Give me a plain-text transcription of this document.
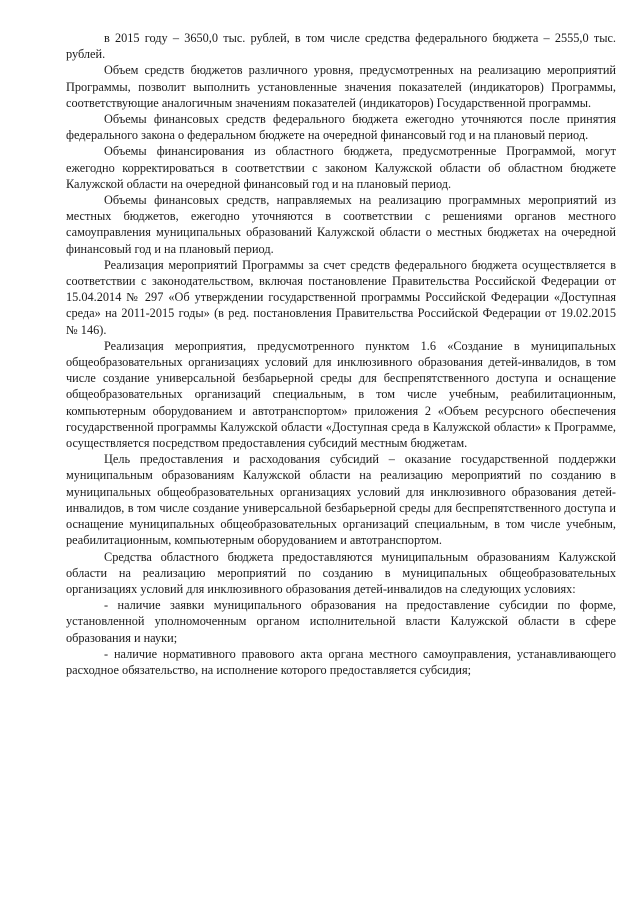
в 2015 году – 3650,0 тыс. рублей, в том числе средства федерального бюджета – 2555,0 тыс. рублей.

Объем средств бюджетов различного уровня, предусмотренных на реализацию мероприятий Программы, позволит выполнить установленные значения показателей (индикаторов) Программы, соответствующие аналогичным значениям показателей (индикаторов) Государственной программы.

Объемы финансовых средств федерального бюджета ежегодно уточняются после принятия федерального закона о федеральном бюджете на очередной финансовый год и на плановый период.

Объемы финансирования из областного бюджета, предусмотренные Программой, могут ежегодно корректироваться в соответствии с законом Калужской области об областном бюджете Калужской области на очередной финансовый год и на плановый период.

Объемы финансовых средств, направляемых на реализацию программных мероприятий из местных бюджетов, ежегодно уточняются в соответствии с решениями органов местного самоуправления муниципальных образований Калужской области о местных бюджетах на очередной финансовый год и на плановый период.

Реализация мероприятий Программы за счет средств федерального бюджета осуществляется в соответствии с законодательством, включая постановление Правительства Российской Федерации от 15.04.2014 № 297 «Об утверждении государственной программы Российской Федерации «Доступная среда» на 2011-2015 годы» (в ред. постановления Правительства Российской Федерации от 19.02.2015 № 146).

Реализация мероприятия, предусмотренного пунктом 1.6 «Создание в муниципальных общеобразовательных организациях условий для инклюзивного образования детей-инвалидов, в том числе создание универсальной безбарьерной среды для беспрепятственного доступа и оснащение общеобразовательных организаций специальным, в том числе учебным, реабилитационным, компьютерным оборудованием и автотранспортом» приложения 2 «Объем ресурсного обеспечения государственной программы Калужской области «Доступная среда в Калужской области» к Программе, осуществляется посредством предоставления субсидий местным бюджетам.

Цель предоставления и расходования субсидий – оказание государственной поддержки муниципальным образованиям Калужской области на реализацию мероприятий по созданию в муниципальных общеобразовательных организациях условий для инклюзивного образования детей-инвалидов, в том числе создание универсальной безбарьерной среды для беспрепятственного доступа и оснащение муниципальных общеобразовательных организаций специальным, в том числе учебным, реабилитационным, компьютерным оборудованием и автотранспортом.

Средства областного бюджета предоставляются муниципальным образованиям Калужской области на реализацию мероприятий по созданию в муниципальных общеобразовательных организациях условий для инклюзивного образования детей-инвалидов на следующих условиях:

- наличие заявки муниципального образования на предоставление субсидии по форме, установленной уполномоченным органом исполнительной власти Калужской области в сфере образования и науки;

- наличие нормативного правового акта органа местного самоуправления, устанавливающего расходное обязательство, на исполнение которого предоставляется субсидия;
